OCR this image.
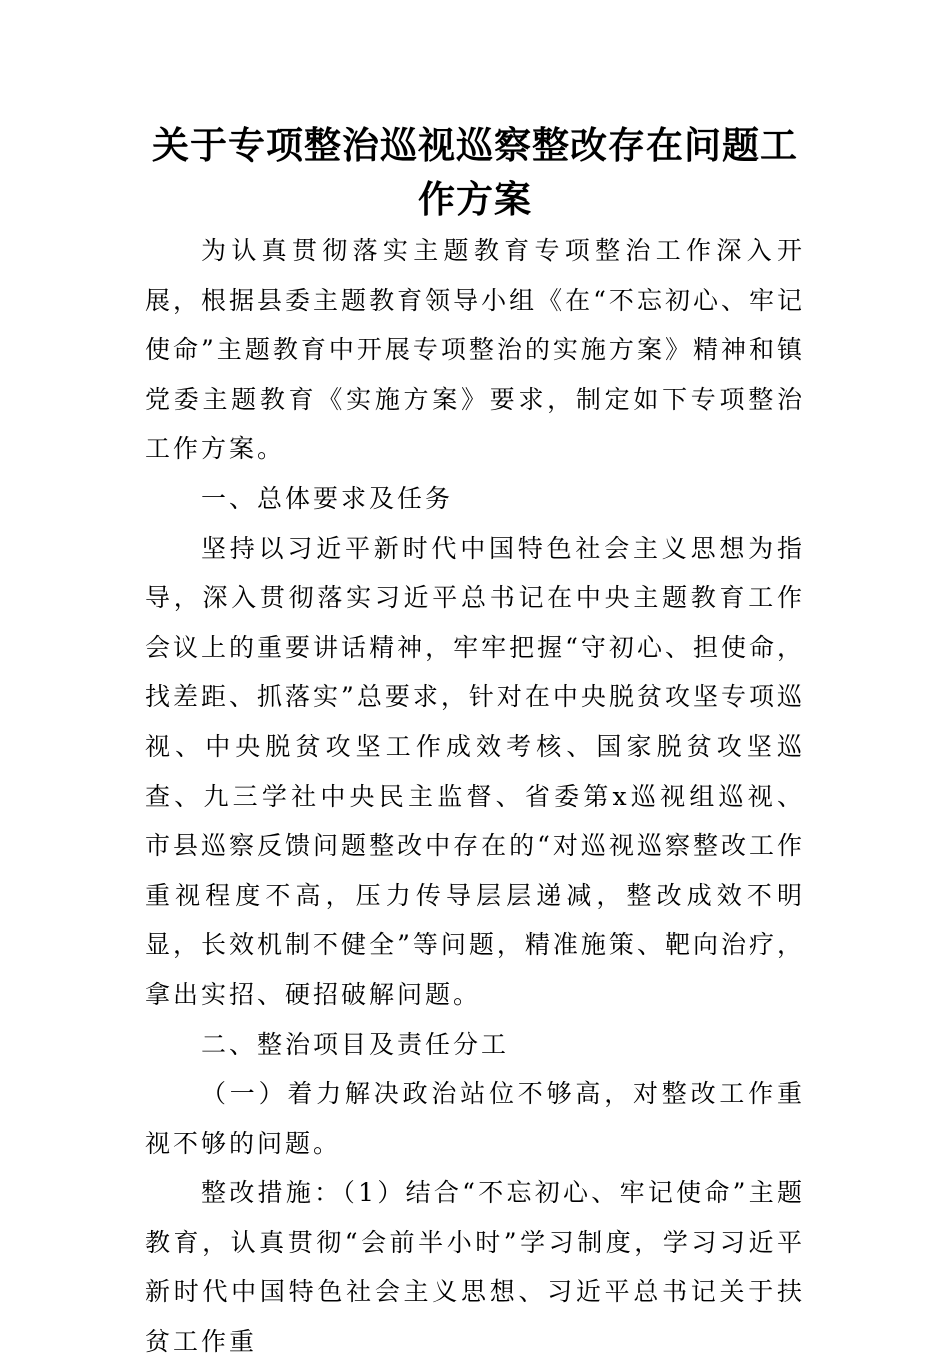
关于专项整治巡视巡察整改存在问题工作方案

为认真贯彻落实主题教育专项整治工作深入开展，根据县委主题教育领导小组《在“不忘初心、牢记使命”主题教育中开展专项整治的实施方案》精神和镇党委主题教育《实施方案》要求，制定如下专项整治工作方案。

一、总体要求及任务

坚持以习近平新时代中国特色社会主义思想为指导，深入贯彻落实习近平总书记在中央主题教育工作会议上的重要讲话精神，牢牢把握“守初心、担使命，找差距、抓落实”总要求，针对在中央脱贫攻坚专项巡视、中央脱贫攻坚工作成效考核、国家脱贫攻坚巡查、九三学社中央民主监督、省委第x巡视组巡视、市县巡察反馈问题整改中存在的“对巡视巡察整改工作重视程度不高，压力传导层层递减，整改成效不明显，长效机制不健全”等问题，精准施策、靶向治疗，拿出实招、硬招破解问题。

二、整治项目及责任分工

（一）着力解决政治站位不够高，对整改工作重视不够的问题。

整改措施：（1）结合“不忘初心、牢记使命”主题教育，认真贯彻“会前半小时”学习制度，学习习近平新时代中国特色社会主义思想、习近平总书记关于扶贫工作重
